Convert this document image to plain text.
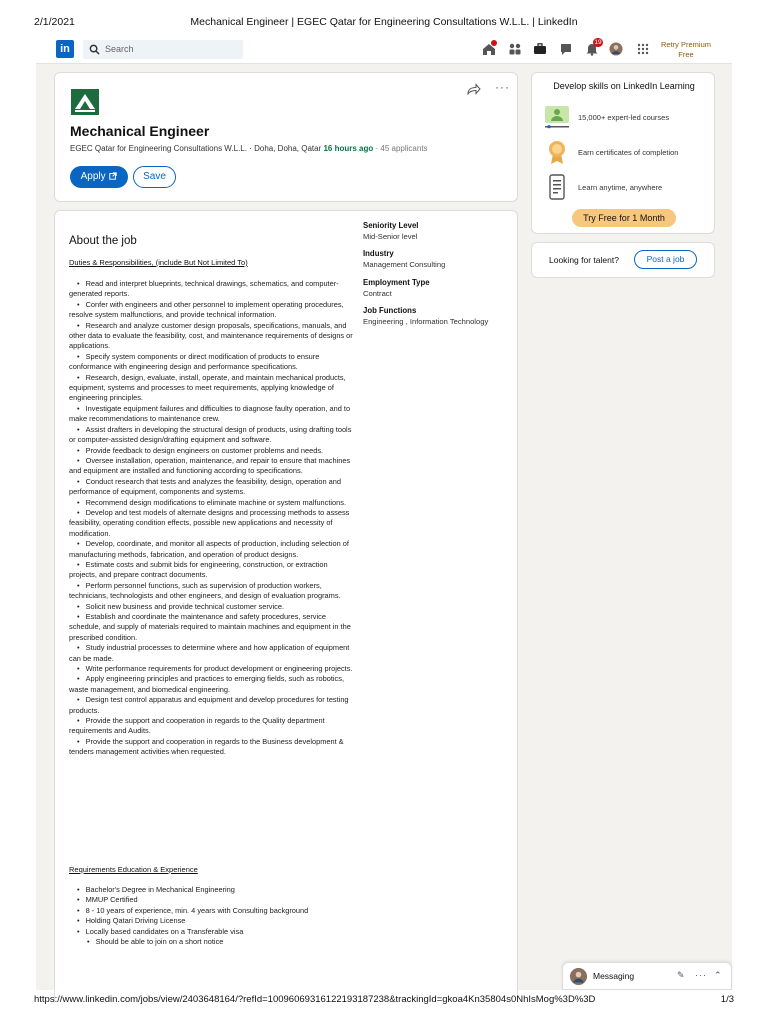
2/1/2021	Mechanical Engineer | EGEC Qatar for Engineering Consultations W.L.L. | LinkedIn
in	Search
19	Retry Premium
Free
···
Mechanical Engineer
EGEC Qatar for Engineering Consultations W.L.L. · Doha, Doha, Qatar 16 hours ago · 45 applicants
Apply	Save
Develop skills on LinkedIn Learning
15,000+ expert-led courses
Earn certificates of completion
Learn anytime, anywhere
Try Free for 1 Month
Looking for talent?	Post a job
About the job
Duties & Responsibilities, (include But Not Limited To)
• Read and interpret blueprints, technical drawings, schematics, and computer-generated reports.
• Confer with engineers and other personnel to implement operating procedures, resolve system malfunctions, and provide technical information.
• Research and analyze customer design proposals, specifications, manuals, and other data to evaluate the feasibility, cost, and maintenance requirements of designs or applications.
• Specify system components or direct modification of products to ensure conformance with engineering design and performance specifications.
• Research, design, evaluate, install, operate, and maintain mechanical products, equipment, systems and processes to meet requirements, applying knowledge of engineering principles.
• Investigate equipment failures and difficulties to diagnose faulty operation, and to make recommendations to maintenance crew.
• Assist drafters in developing the structural design of products, using drafting tools or computer-assisted design/drafting equipment and software.
• Provide feedback to design engineers on customer problems and needs.
• Oversee installation, operation, maintenance, and repair to ensure that machines and equipment are installed and functioning according to specifications.
• Conduct research that tests and analyzes the feasibility, design, operation and performance of equipment, components and systems.
• Recommend design modifications to eliminate machine or system malfunctions.
• Develop and test models of alternate designs and processing methods to assess feasibility, operating condition effects, possible new applications and necessity of modification.
• Develop, coordinate, and monitor all aspects of production, including selection of manufacturing methods, fabrication, and operation of product designs.
• Estimate costs and submit bids for engineering, construction, or extraction projects, and prepare contract documents.
• Perform personnel functions, such as supervision of production workers, technicians, technologists and other engineers, and design of evaluation programs.
• Solicit new business and provide technical customer service.
• Establish and coordinate the maintenance and safety procedures, service schedule, and supply of materials required to maintain machines and equipment in the prescribed condition.
• Study industrial processes to determine where and how application of equipment can be made.
• Write performance requirements for product development or engineering projects.
• Apply engineering principles and practices to emerging fields, such as robotics, waste management, and biomedical engineering.
• Design test control apparatus and equipment and develop procedures for testing products.
• Provide the support and cooperation in regards to the Quality department requirements and Audits.
• Provide the support and cooperation in regards to the Business development & tenders management activities when requested.
Requirements Education & Experience
• Bachelor's Degree in Mechanical Engineering
• MMUP Certified
• 8 - 10 years of experience, min. 4 years with Consulting background
• Holding Qatari Driving License
• Locally based candidates on a Transferable visa
• Should be able to join on a short notice
Seniority Level
Mid-Senior level
Industry
Management Consulting
Employment Type
Contract
Job Functions
Engineering , Information Technology
Messaging	✎ ··· ⌃
https://www.linkedin.com/jobs/view/2403648164/?refId=10096069316122193187238&trackingId=gkoa4Kn35804s0NhIsMog%3D%3D	1/3
